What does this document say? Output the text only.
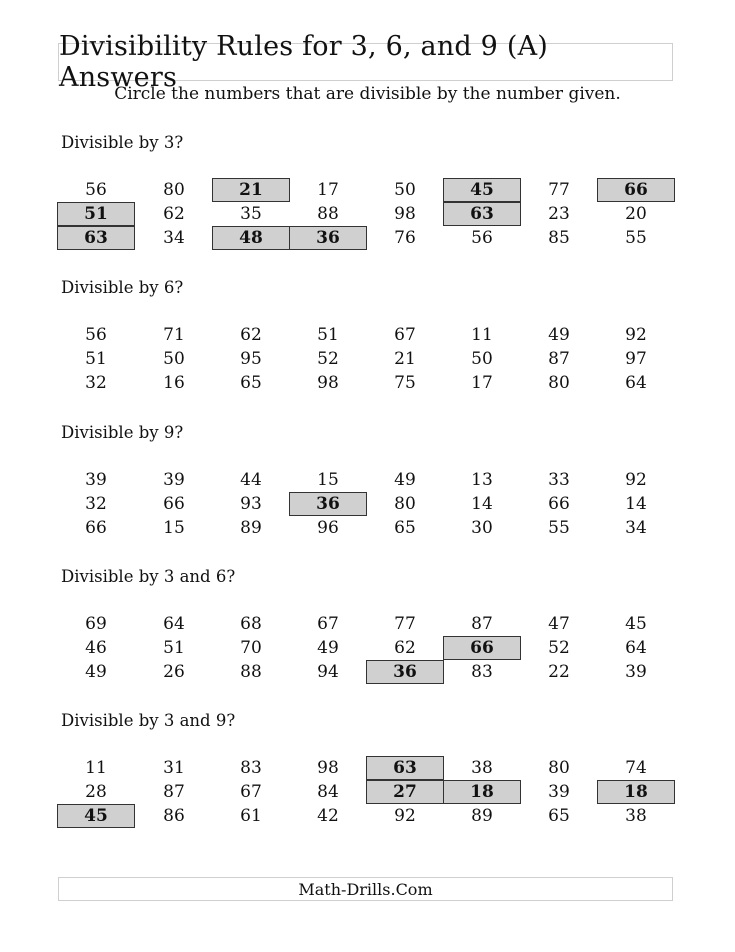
Divisibility Rules for 3, 6, and 9 (A) Answers
Circle the numbers that are divisible by the number given.
Divisible by 3?
56	80	21	17	50	45	77	66
51	62	35	88	98	63	23	20
63	34	48	36	76	56	85	55
Divisible by 6?
56	71	62	51	67	11	49	92
51	50	95	52	21	50	87	97
32	16	65	98	75	17	80	64
Divisible by 9?
39	39	44	15	49	13	33	92
32	66	93	36	80	14	66	14
66	15	89	96	65	30	55	34
Divisible by 3 and 6?
69	64	68	67	77	87	47	45
46	51	70	49	62	66	52	64
49	26	88	94	36	83	22	39
Divisible by 3 and 9?
11	31	83	98	63	38	80	74
28	87	67	84	27	18	39	18
45	86	61	42	92	89	65	38
Math-Drills.Com
